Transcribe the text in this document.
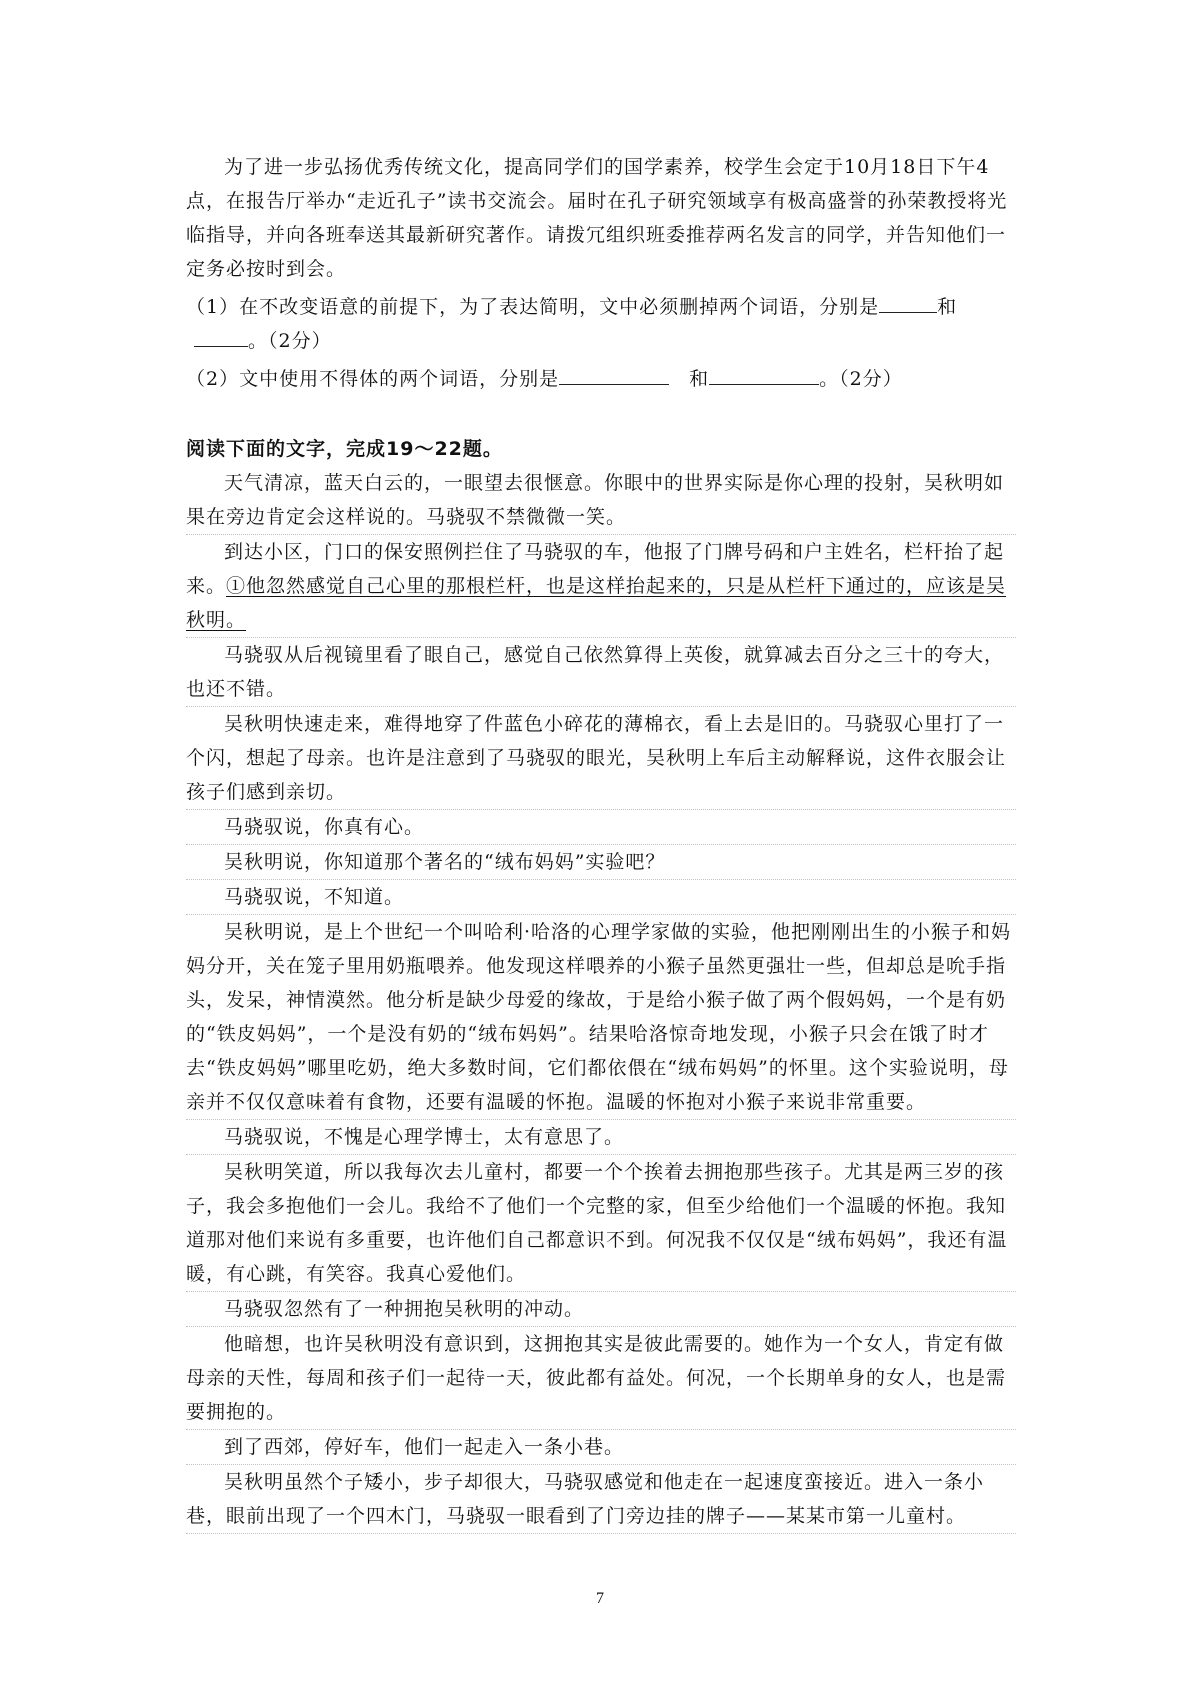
为了进一步弘扬优秀传统文化，提高同学们的国学素养，校学生会定于10月18日下午4点，在报告厅举办“走近孔子”读书交流会。届时在孔子研究领域享有极高盛誉的孙荣教授将光临指导，并向各班奉送其最新研究著作。请拨冗组织班委推荐两名发言的同学，并告知他们一定务必按时到会。

（1）在不改变语意的前提下，为了表达简明，文中必须删掉两个词语，分别是	和
。（2分）

（2）文中使用不得体的两个词语，分别是	和	。（2分）

阅读下面的文字，完成19～22题。

天气清凉，蓝天白云的，一眼望去很惬意。你眼中的世界实际是你心理的投射，吴秋明如果在旁边肯定会这样说的。马骁驭不禁微微一笑。

到达小区，门口的保安照例拦住了马骁驭的车，他报了门牌号码和户主姓名，栏杆抬了起来。①他忽然感觉自己心里的那根栏杆，也是这样抬起来的，只是从栏杆下通过的，应该是吴秋明。

马骁驭从后视镜里看了眼自己，感觉自己依然算得上英俊，就算减去百分之三十的夸大，也还不错。

吴秋明快速走来，难得地穿了件蓝色小碎花的薄棉衣，看上去是旧的。马骁驭心里打了一个闪，想起了母亲。也许是注意到了马骁驭的眼光，吴秋明上车后主动解释说，这件衣服会让孩子们感到亲切。

马骁驭说，你真有心。

吴秋明说，你知道那个著名的“绒布妈妈”实验吧？

马骁驭说，不知道。

吴秋明说，是上个世纪一个叫哈利·哈洛的心理学家做的实验，他把刚刚出生的小猴子和妈妈分开，关在笼子里用奶瓶喂养。他发现这样喂养的小猴子虽然更强壮一些，但却总是吮手指头，发呆，神情漠然。他分析是缺少母爱的缘故，于是给小猴子做了两个假妈妈，一个是有奶的“铁皮妈妈”，一个是没有奶的“绒布妈妈”。结果哈洛惊奇地发现，小猴子只会在饿了时才去“铁皮妈妈”哪里吃奶，绝大多数时间，它们都依偎在“绒布妈妈”的怀里。这个实验说明，母亲并不仅仅意味着有食物，还要有温暖的怀抱。温暖的怀抱对小猴子来说非常重要。

马骁驭说，不愧是心理学博士，太有意思了。

吴秋明笑道，所以我每次去儿童村，都要一个个挨着去拥抱那些孩子。尤其是两三岁的孩子，我会多抱他们一会儿。我给不了他们一个完整的家，但至少给他们一个温暖的怀抱。我知道那对他们来说有多重要，也许他们自己都意识不到。何况我不仅仅是“绒布妈妈”，我还有温暖，有心跳，有笑容。我真心爱他们。

马骁驭忽然有了一种拥抱吴秋明的冲动。

他暗想，也许吴秋明没有意识到，这拥抱其实是彼此需要的。她作为一个女人，肯定有做母亲的天性，每周和孩子们一起待一天，彼此都有益处。何况，一个长期单身的女人，也是需要拥抱的。

到了西郊，停好车，他们一起走入一条小巷。

吴秋明虽然个子矮小，步子却很大，马骁驭感觉和他走在一起速度蛮接近。进入一条小巷，眼前出现了一个四木门，马骁驭一眼看到了门旁边挂的牌子——某某市第一儿童村。

7
